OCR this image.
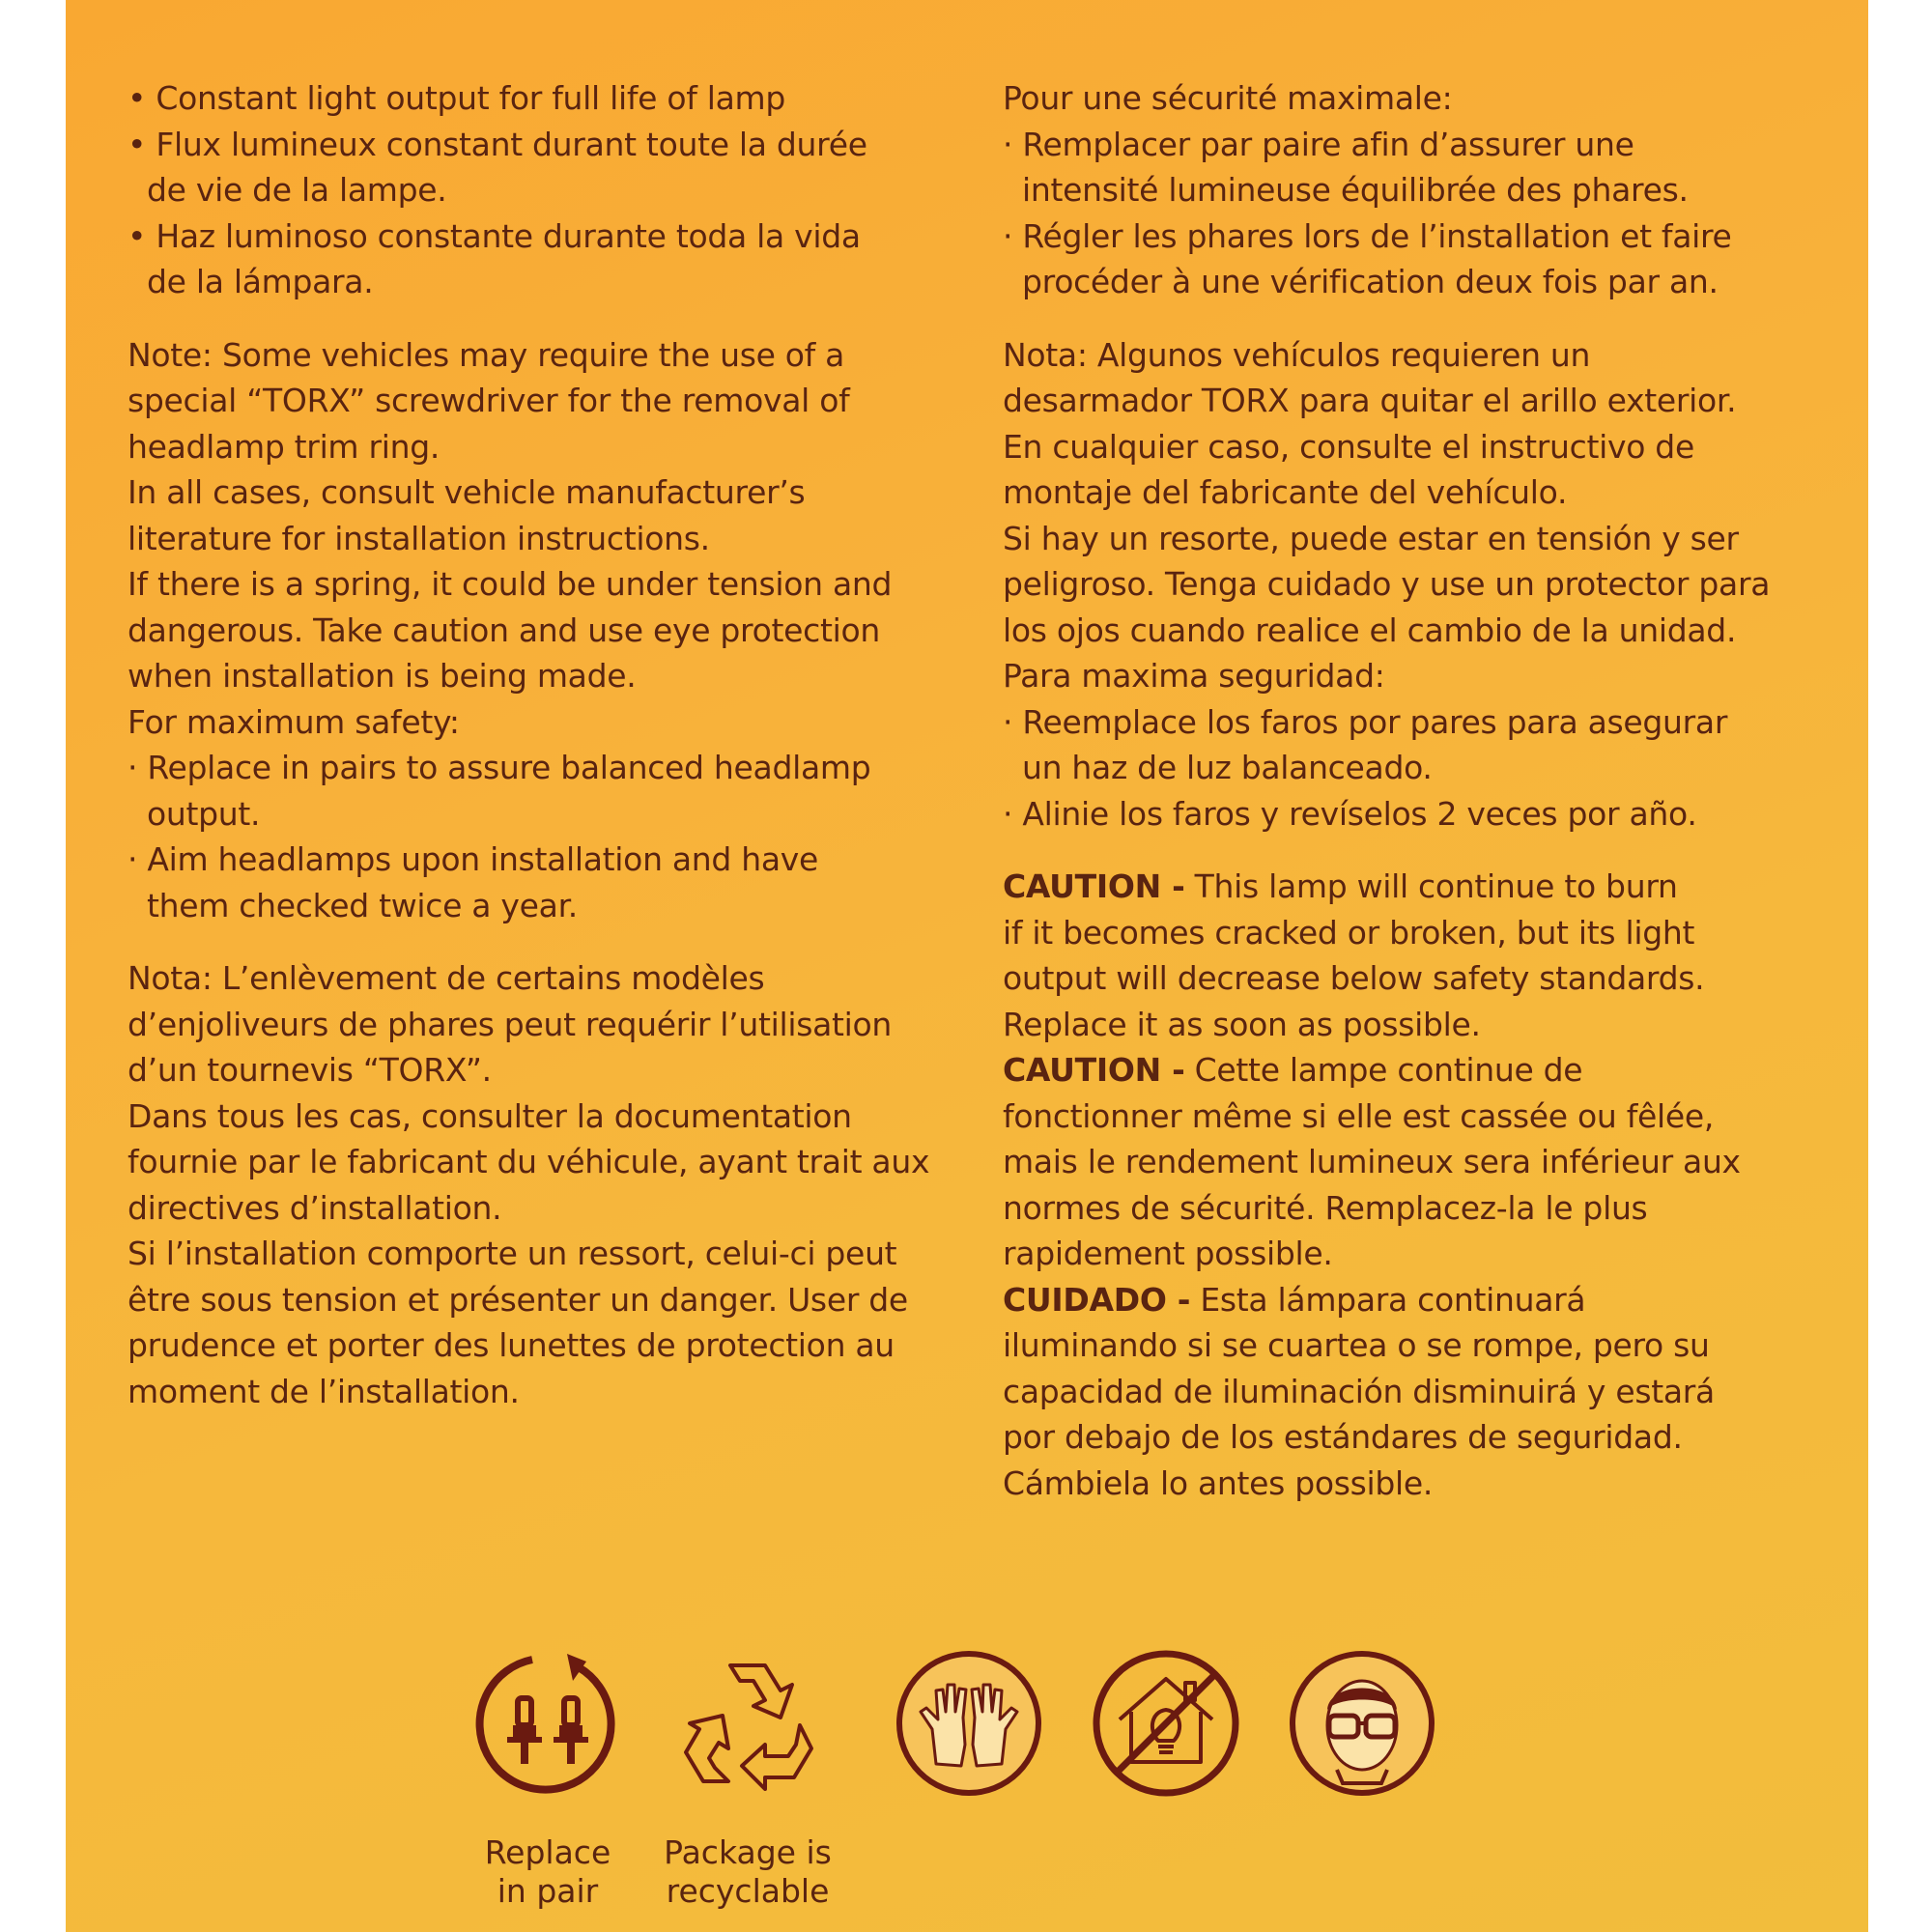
• Constant light output for full life of lamp
• Flux lumineux constant durant toute la durée
de vie de la lampe.
• Haz luminoso constante durante toda la vida
de la lámpara.
Note: Some vehicles may require the use of a
special “TORX” screwdriver for the removal of
headlamp trim ring.
In all cases, consult vehicle manufacturer’s
literature for installation instructions.
If there is a spring, it could be under tension and
dangerous. Take caution and use eye protection
when installation is being made.
For maximum safety:
· Replace in pairs to assure balanced headlamp
output.
· Aim headlamps upon installation and have
them checked twice a year.
Nota: L’enlèvement de certains modèles
d’enjoliveurs de phares peut requérir l’utilisation
d’un tournevis “TORX”.
Dans tous les cas, consulter la documentation
fournie par le fabricant du véhicule, ayant trait aux
directives d’installation.
Si l’installation comporte un ressort, celui-ci peut
être sous tension et présenter un danger. User de
prudence et porter des lunettes de protection au
moment de l’installation.
Pour une sécurité maximale:
· Remplacer par paire afin d’assurer une
intensité lumineuse équilibrée des phares.
· Régler les phares lors de l’installation et faire
procéder à une vérification deux fois par an.
Nota: Algunos vehículos requieren un
desarmador TORX para quitar el arillo exterior.
En cualquier caso, consulte el instructivo de
montaje del fabricante del vehículo.
Si hay un resorte, puede estar en tensión y ser
peligroso. Tenga cuidado y use un protector para
los ojos cuando realice el cambio de la unidad.
Para maxima seguridad:
· Reemplace los faros por pares para asegurar
un haz de luz balanceado.
· Alinie los faros y revíselos 2 veces por año.
CAUTION - This lamp will continue to burn
if it becomes cracked or broken, but its light
output will decrease below safety standards.
Replace it as soon as possible.
CAUTION - Cette lampe continue de
fonctionner même si elle est cassée ou fêlée,
mais le rendement lumineux sera inférieur aux
normes de sécurité. Remplacez-la le plus
rapidement possible.
CUIDADO - Esta lámpara continuará
iluminando si se cuartea o se rompe, pero su
capacidad de iluminación disminuirá y estará
por debajo de los estándares de seguridad.
Cámbiela lo antes possible.
Replace
in pair
Package is
recyclable
